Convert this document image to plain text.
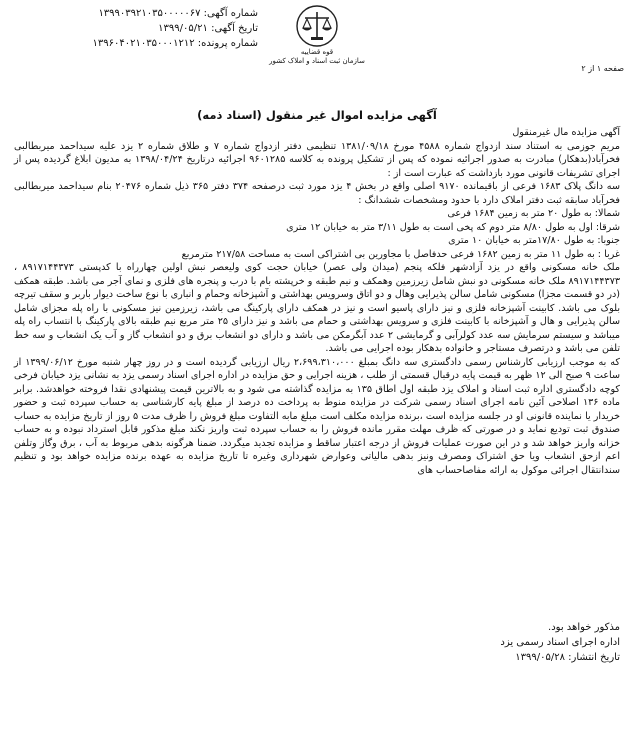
شماره آگهی: ۱۳۹۹۰۳۹۲۱۰۳۵۰۰۰۰۰۶۷
تاریخ آگهی: ۱۳۹۹/۰۵/۲۱
شماره پرونده: ۱۳۹۶۰۴۰۲۱۰۳۵۰۰۰۱۲۱۲
قوه قضاییه
سازمان ثبت اسناد و املاک کشور
صفحه ۱ از ۲
آگهی مزایده اموال غیر منقول (اسناد ذمه)

آگهی مزایده مال غیرمنقول

مریم جوزمی به استناد سند ازدواج شماره ۴۵۸۸ مورخ ۱۳۸۱/۰۹/۱۸ تنظیمی دفتر ازدواج شماره ۷ و طلاق شماره ۲ یزد علیه سیداحمد میربطالبی فخرآباد(بدهکار) مبادرت به صدور اجرائیه نموده که پس از تشکیل پرونده به کلاسه ۹۶۰۱۲۸۵ اجرائیه درتاریخ ۱۳۹۸/۰۴/۲۴ به مدیون ابلاغ گردیده پس از اجرای تشریفات قانونی مورد بازداشت که عبارت است از :

سه دانگ پلاک ۱۶۸۳ فرعی از باقیمانده ۹۱۷۰ اصلی واقع در بخش ۴ یزد مورد ثبت درصفحه ۳۷۴ دفتر ۳۶۵ ذیل شماره ۲۰۴۷۶ بنام سیداحمد میربطالبی فخرآباد سابقه ثبت دفتر املاک دارد با حدود ومشخصات ششدانگ :

شمالا: به طول ۲۰ متر به زمین ۱۶۸۴ فرعی

شرقا: اول به طول ۸/۸۰ متر دوم که پخی است به طول ۳/۱۱ متر به خیابان ۱۲ متری

جنوبا: به طول ۱۷/۸۰متر به خیابان ۱۰ متری

غربا : به طول ۱۱ متر به زمین ۱۶۸۲ فرعی حدفاصل با مجاورین بی اشتراکی است به مساحت ۲۱۷/۵۸ مترمربع

ملک خانه مسکونی واقع در یزد آزادشهر فلکه پنجم (میدان ولی عصر) خیابان حجت کوی ولیعصر نبش اولین چهارراه با کدپستی ۸۹۱۷۱۴۴۳۷۳ ، ۸۹۱۷۱۴۴۳۷۳ ملک خانه مسکونی دو نبش شامل زیرزمین وهمکف و نیم طبقه و خرپشته بام با درب و پنجره های فلزی و نمای آجر می باشد. طبقه همکف (در دو قسمت مجزا) مسکونی شامل سالن پذیرایی وهال و دو اتاق وسرویس بهداشتی و آشپزخانه وحمام و انباری با نوع ساخت دیوار باربر و سقف تیرچه بلوک می باشد. کابینت آشپزخانه فلزی و نیز دارای پاسیو است و نیز در همکف دارای پارکینگ می باشد، زیرزمین نیز مسکونی با راه پله مجزای شامل سالن پذیرایی و هال و آشپزخانه با کابینت فلزی و سرویس بهداشتی و حمام می باشد و نیز دارای ۲۵ متر مربع نیم طبقه بالای پارکینگ با انتساب راه پله میباشد و سیستم سرمایش سه عدد کولرآبی و گرمایشی ۲ عدد آبگرمکن می باشد و دارای دو انشعاب برق و دو انشعاب گاز و آب یک انشعاب و سه خط تلفن می باشد و درتصرف مستاجر و خانواده بدهکار بوده اجرایی می باشد.

که به موجب ارزیابی کارشناس رسمی دادگستری سه دانگ بمبلغ ۲،۶۹۹،۳۱۰،۰۰۰ ریال ارزیابی گردیده است و در روز چهار شنبه مورخ ۱۳۹۹/۰۶/۱۲ از ساعت ۹ صبح الی ۱۲ ظهر به قیمت پایه درقبال قسمتی از طلب ، هزینه اجرایی و حق مزایده در اداره اجرای اسناد رسمی یزد به نشانی یزد خیابان فرخی کوچه دادگستری اداره ثبت اسناد و املاک یزد طبقه اول اطاق ۱۳۵ به مزایده گذاشته می شود و به بالاترین قیمت پیشنهادی نقدا فروخته خواهدشد. برابر ماده ۱۳۶ اصلاحی آئین نامه اجرای اسناد رسمی شرکت در مزایده منوط به پرداخت ده درصد از مبلغ پایه کارشناسی به حساب سپرده ثبت و حضور خریدار یا نماینده قانونی او در جلسه مزایده است ،برنده مزایده مکلف است مبلغ مابه التفاوت مبلغ فروش را ظرف مدت ۵ روز از تاریخ مزایده به حساب صندوق ثبت تودیع نماید و در صورتی که ظرف مهلت مقرر مانده فروش را به حساب سپرده ثبت واریز نکند مبلغ مذکور قابل استرداد نبوده و به حساب خزانه واریز خواهد شد و در این صورت عملیات فروش از درجه اعتبار ساقط و مزایده تجدید میگردد. ضمنا هرگونه بدهی مربوط به آب ، برق وگاز وتلفن اعم ازحق انشعاب ویا حق اشتراک ومصرف ونیز بدهی مالیاتی وعوارض شهرداری وغیره تا تاریخ مزایده به عهده برنده مزایده خواهد بود و تنظیم سندانتقال اجرائی موکول به ارائه مفاصاحساب های

مذکور خواهد بود.

اداره اجرای اسناد رسمی یزد

تاریخ انتشار: ۱۳۹۹/۰۵/۲۸
